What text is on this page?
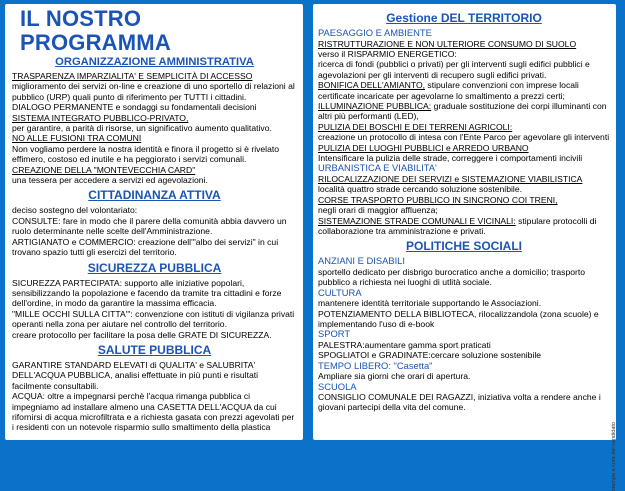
IL NOSTRO PROGRAMMA
ORGANIZZAZIONE AMMINISTRATIVA

TRASPARENZA IMPARZIALITA' E SEMPLICITÀ DI ACCESSO
miglioramento dei servizi on-line e creazione di uno sportello di relazioni al pubblico (URP) quali punto di riferimento per TUTTI i cittadini.

DIALOGO PERMANENTE e sondaggi su fondamentali decisioni

SISTEMA INTEGRATO PUBBLICO-PRIVATO,
per garantire, a parità di risorse, un significativo aumento qualitativo.

NO ALLE FUSIONI TRA COMUNI
Non vogliamo perdere la nostra identità e finora il progetto si è rivelato effimero, costoso ed inutile e ha peggiorato i servizi comunali.

CREAZIONE DELLA "MONTEVECCHIA CARD"
una tessera per accedere a servizi ed agevolazioni.

CITTADINANZA ATTIVA

deciso sostegno del volontariato:

CONSULTE: fare in modo che il parere della comunità abbia davvero un ruolo determinante nelle scelte dell'Amministrazione.

ARTIGIANATO e COMMERCIO: creazione dell'"albo dei servizi" in cui trovano spazio tutti gli esercizi del territorio.

SICUREZZA PUBBLICA

SICUREZZA PARTECIPATA: supporto alle iniziative popolari, sensibilizzando la popolazione e facendo da tramite tra cittadini e forze dell'ordine, in modo da garantire la massima efficacia.

"MILLE OCCHI SULLA CITTA'": convenzione con istituti di vigilanza privati operanti nella zona per aiutare nel controllo del territorio.

creare protocollo per facilitare la posa delle GRATE DI SICUREZZA.

SALUTE PUBBLICA

GARANTIRE STANDARD ELEVATI di QUALITA' e SALUBRITA' DELL'ACQUA PUBBLICA, analisi effettuate in più punti e risultati facilmente consultabili.

ACQUA: oltre a impegnarsi perchè l'acqua rimanga pubblica ci impegniamo ad installare almeno una CASETTA DELL'ACQUA da cui rifornirsi di acqua microfiltrata e a richiesta gasata con prezzi agevolati per i residenti con un notevole risparmio sullo smaltimento della plastica

Gestione DEL TERRITORIO

PAESAGGIO E AMBIENTE

RISTRUTTURAZIONE E NON ULTERIORE CONSUMO DI SUOLO
verso il RISPARMIO ENERGETICO:
ricerca di fondi (pubblici o privati) per gli interventi sugli edifici pubblici e agevolazioni per gli interventi di recupero sugli edifici privati.

BONIFICA DELL'AMIANTO, stipulare convenzioni con imprese locali certificate incaricate per agevolarne lo smaltimento a prezzi certi;

ILLUMINAZIONE PUBBLICA: graduale sostituzione dei corpi illuminanti con altri più performanti (LED),

PULIZIA DEI BOSCHI E DEI TERRENI AGRICOLI:
creazione un protocollo di intesa con l'Ente Parco per agevolare gli interventi

PULIZIA DEI LUOGHI PUBBLICI e ARREDO URBANO
Intensificare la pulizia delle strade, correggere i comportamenti incivili

URBANISTICA E VIABILITA'

RILOCALIZZAZIONE DEI SERVIZI e SISTEMAZIONE VIABILISTICA
località quattro strade cercando soluzione sostenibile.

CORSE TRASPORTO PUBBLICO IN SINCRONO COI TRENI,
negli orari di maggior affluenza;

SISTEMAZIONE STRADE COMUNALI E VICINALI: stipulare protocolli di collaborazione tra amministrazione e privati.

POLITICHE SOCIALI

ANZIANI E DISABILI

sportello dedicato per disbrigo burocratico anche a domicilio; trasporto pubblico a richiesta nei luoghi di utlità sociale.

CULTURA

mantenere identità territoriale supportando le Associazioni.

POTENZIAMENTO DELLA BIBLIOTECA, rilocalizzandola (zona scuole) e implementando l'uso di e-book

SPORT

PALESTRA:aumentare gamma sport praticati

SPOGLIATOI e GRADINATE:cercare soluzione sostenibile

TEMPO LIBERO: "Casetta"

Ampliare sia giorni che orari di apertura.

SCUOLA

CONSIGLIO COMUNALE DEI RAGAZZI, iniziativa volta a rendere anche i giovani partecipi della vita del comune.

stampa a cura del candidato
